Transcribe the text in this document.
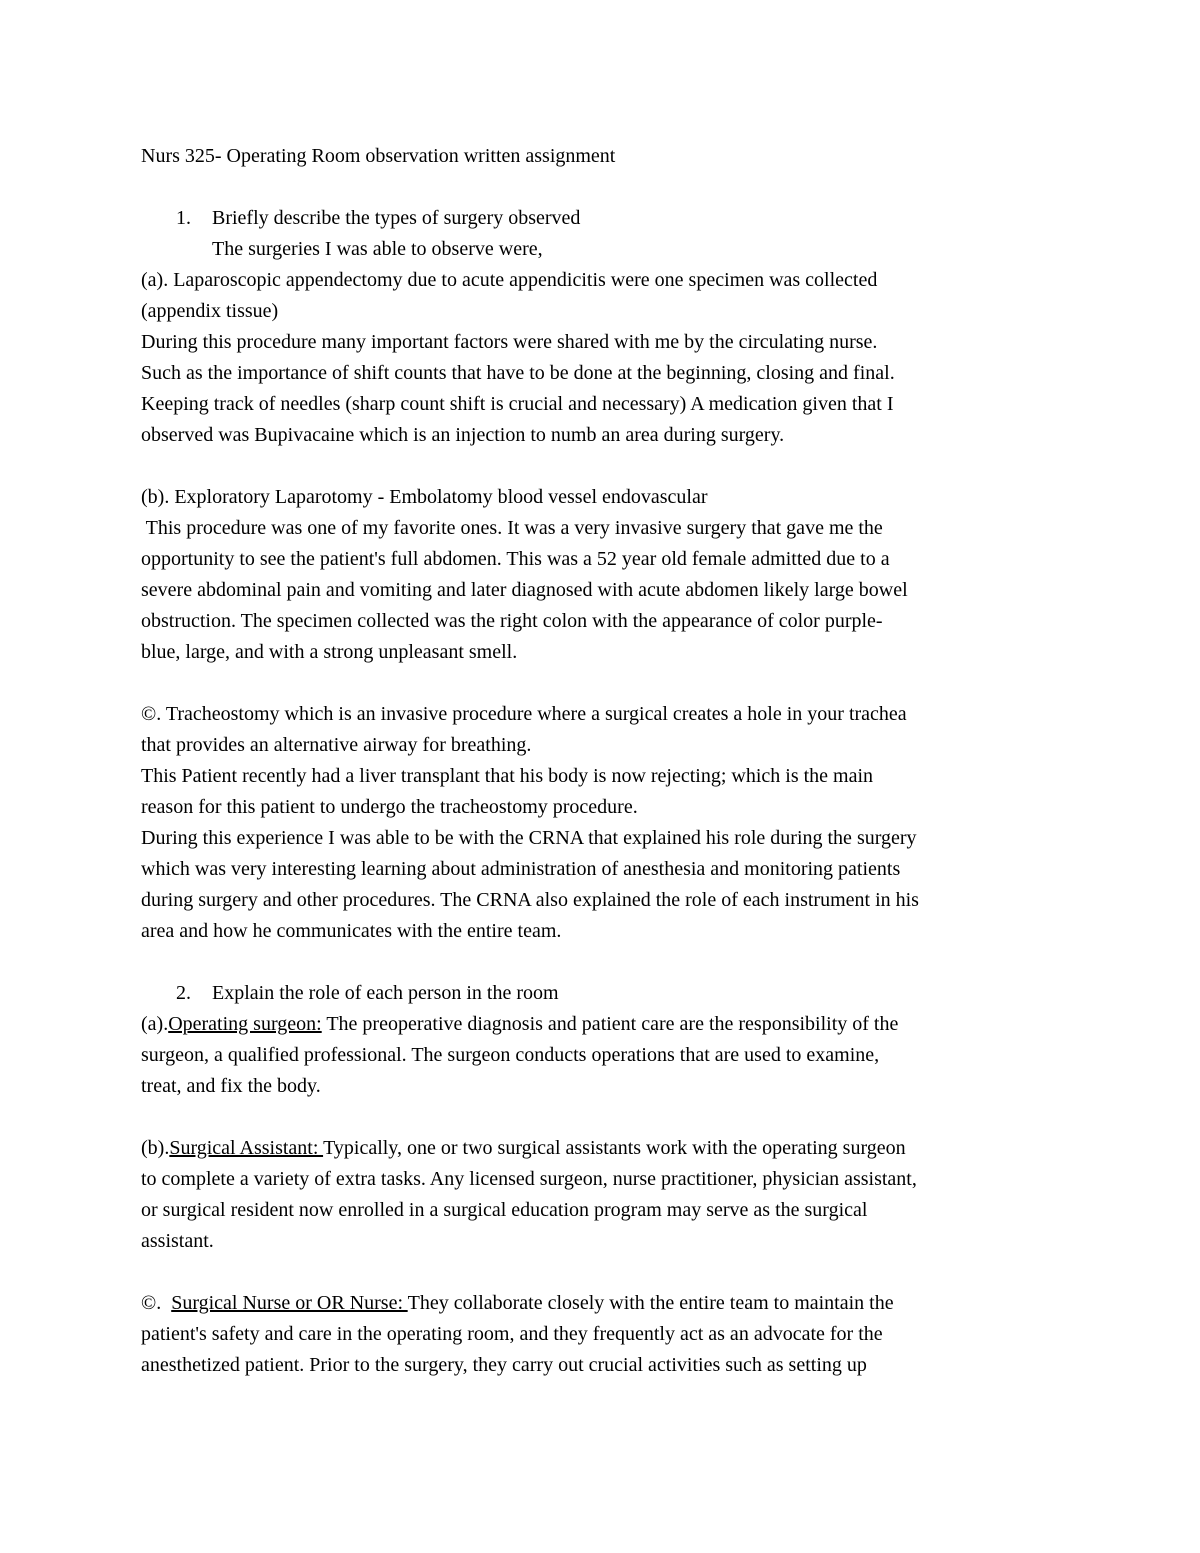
Nurs 325- Operating Room observation written assignment
1. Briefly describe the types of surgery observed
The surgeries I was able to observe were,
(a). Laparoscopic appendectomy due to acute appendicitis were one specimen was collected
(appendix tissue)
During this procedure many important factors were shared with me by the circulating nurse.
Such as the importance of shift counts that have to be done at the beginning, closing and final.
Keeping track of needles (sharp count shift is crucial and necessary) A medication given that I
observed was Bupivacaine which is an injection to numb an area during surgery.
(b). Exploratory Laparotomy - Embolatomy blood vessel endovascular
This procedure was one of my favorite ones. It was a very invasive surgery that gave me the
opportunity to see the patient's full abdomen. This was a 52 year old female admitted due to a
severe abdominal pain and vomiting and later diagnosed with acute abdomen likely large bowel
obstruction. The specimen collected was the right colon with the appearance of color purple-
blue, large, and with a strong unpleasant smell.
©. Tracheostomy which is an invasive procedure where a surgical creates a hole in your trachea
that provides an alternative airway for breathing.
This Patient recently had a liver transplant that his body is now rejecting; which is the main
reason for this patient to undergo the tracheostomy procedure.
During this experience I was able to be with the CRNA that explained his role during the surgery
which was very interesting learning about administration of anesthesia and monitoring patients
during surgery and other procedures. The CRNA also explained the role of each instrument in his
area and how he communicates with the entire team.
2. Explain the role of each person in the room
(a).Operating surgeon: The preoperative diagnosis and patient care are the responsibility of the
surgeon, a qualified professional. The surgeon conducts operations that are used to examine,
treat, and fix the body.
(b).Surgical Assistant: Typically, one or two surgical assistants work with the operating surgeon
to complete a variety of extra tasks. Any licensed surgeon, nurse practitioner, physician assistant,
or surgical resident now enrolled in a surgical education program may serve as the surgical
assistant.
©.  Surgical Nurse or OR Nurse: They collaborate closely with the entire team to maintain the
patient's safety and care in the operating room, and they frequently act as an advocate for the
anesthetized patient. Prior to the surgery, they carry out crucial activities such as setting up
